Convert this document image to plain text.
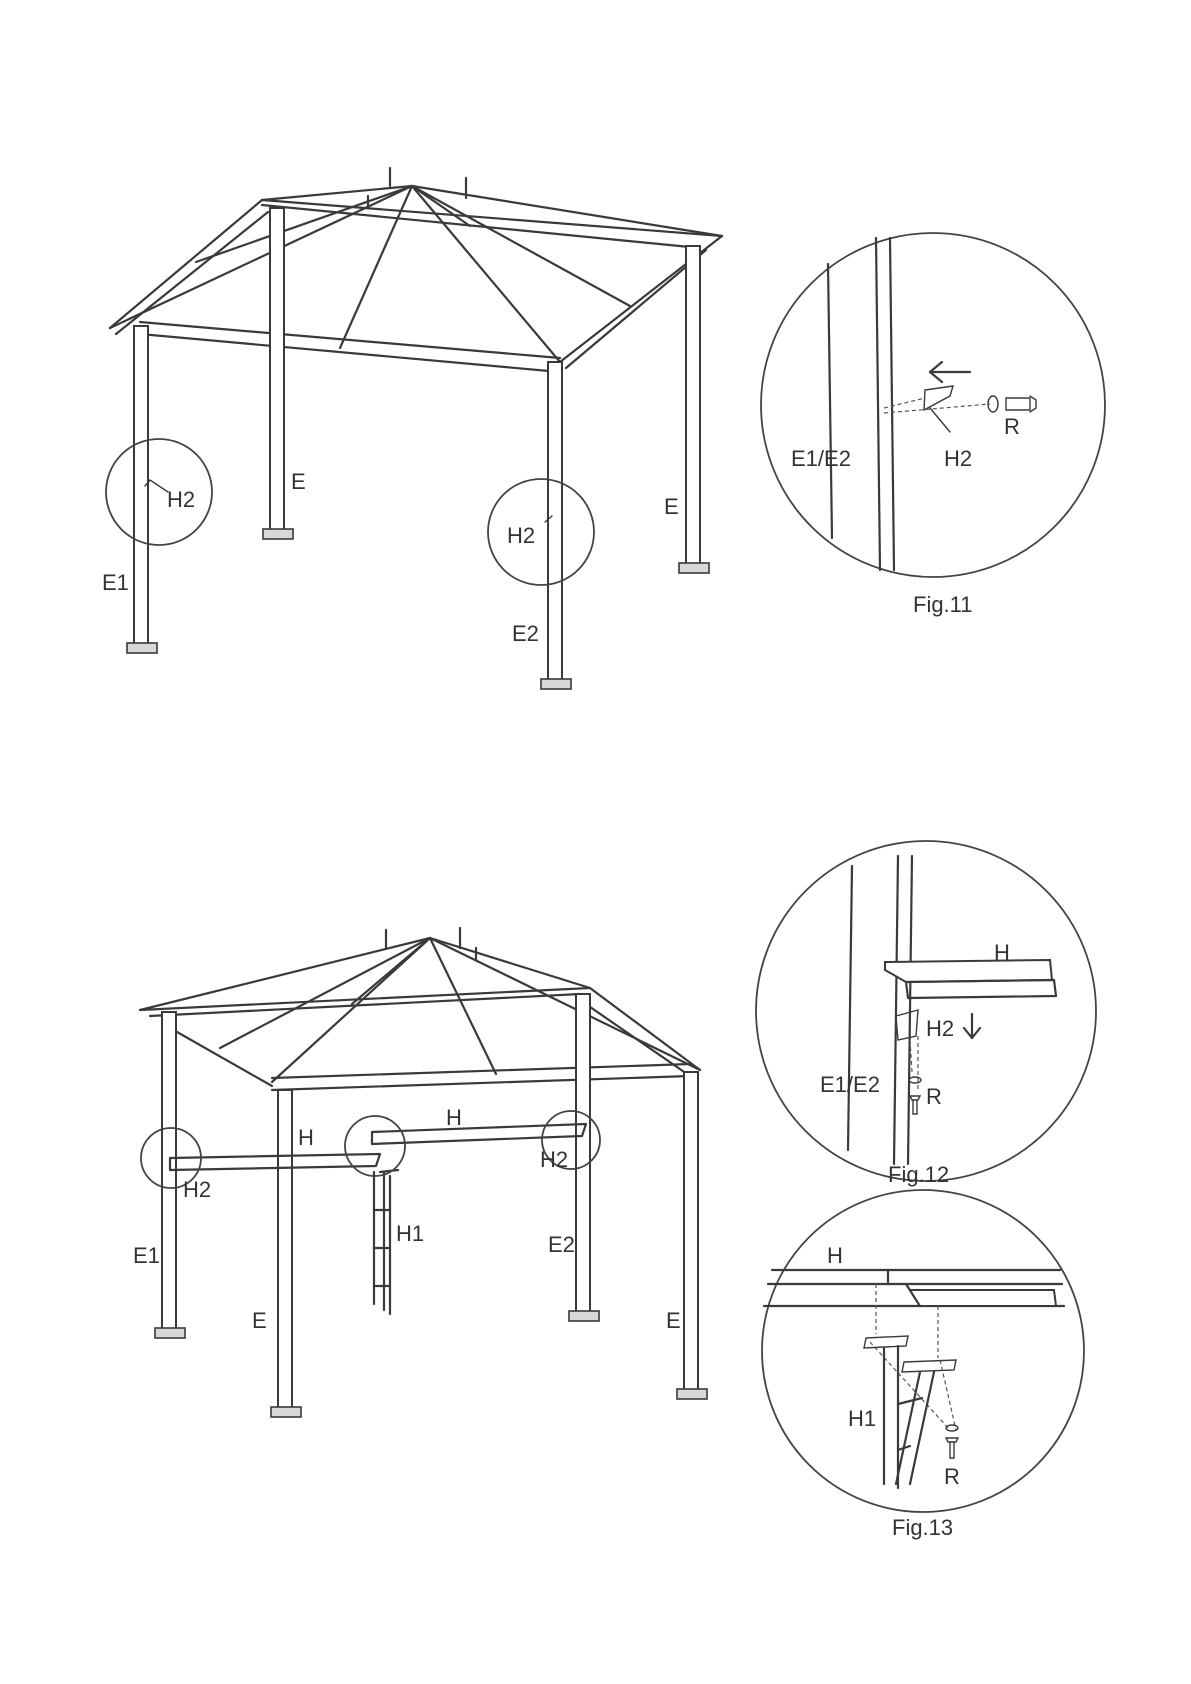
H2
E
E1
H2
E
E2
E1/E2	H2
R
Fig.11
H
H
H2
H2
H1
E1
E
E2
E
H2
H
E1/E2 R
Fig.12
H
H1
R
Fig.13
